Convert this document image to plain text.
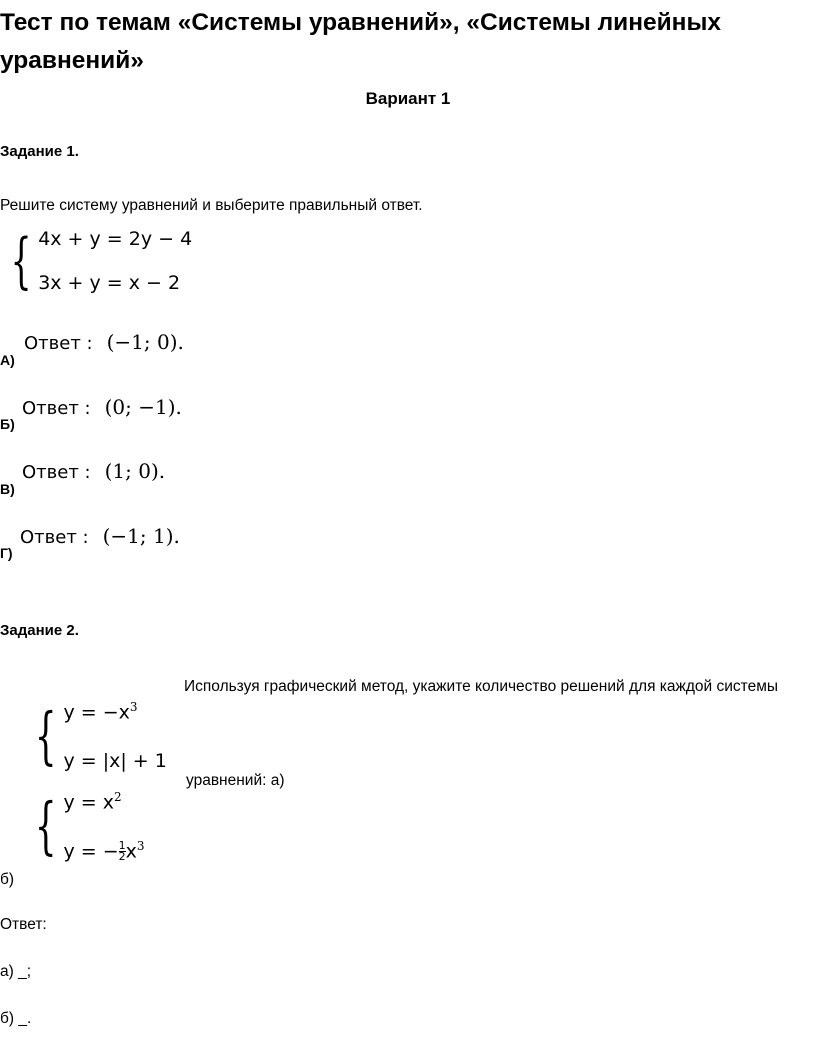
Тест по темам «Системы уравнений», «Системы линейных уравнений»
Вариант 1
Задание 1.
Решите систему уравнений и выберите правильный ответ.
{ 4x + y = 2y − 4
3x + y = x − 2
А)
Ответ : (−1; 0).
Б)
Ответ : (0; −1).
В)
Ответ : (1; 0).
Г)
Ответ : (−1; 1).
Задание 2.
Используя графический метод, укажите количество решений для каждой системы
{ $y = -x^3$
y = |x| + 1
уравнений: а)
{ $y = x^2$
y = − $\frac{1}{2} x^3$
б)
Ответ:
а) _;
б) _.
